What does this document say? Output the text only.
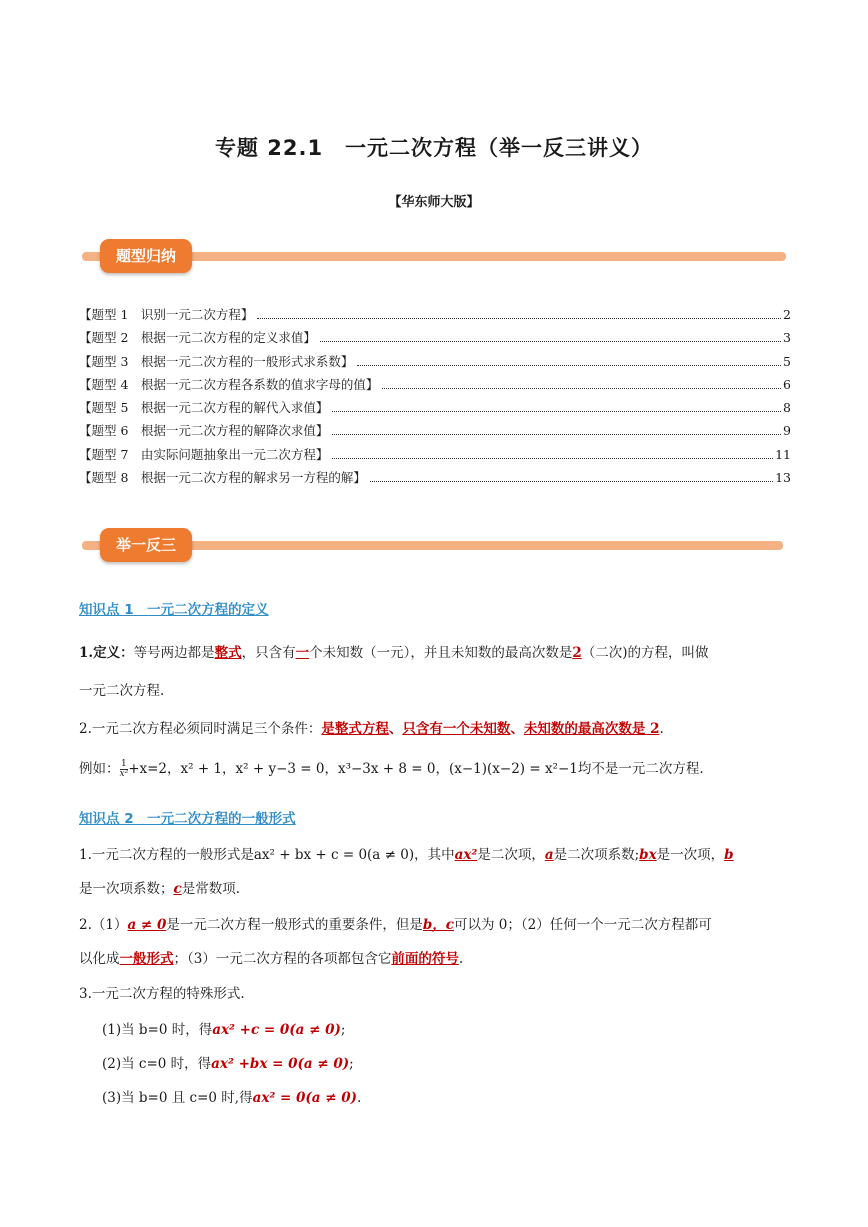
专题 22.1　一元二次方程（举一反三讲义）
【华东师大版】
题型归纳
【题型 1　识别一元二次方程】	2
【题型 2　根据一元二次方程的定义求值】	3
【题型 3　根据一元二次方程的一般形式求系数】	5
【题型 4　根据一元二次方程各系数的值求字母的值】	6
【题型 5　根据一元二次方程的解代入求值】	8
【题型 6　根据一元二次方程的解降次求值】	9
【题型 7　由实际问题抽象出一元二次方程】	11
【题型 8　根据一元二次方程的解求另一方程的解】	13
举一反三
知识点 1　一元二次方程的定义
1.定义：等号两边都是整式，只含有一个未知数（一元），并且未知数的最高次数是2（二次)的方程，叫做
一元二次方程.
2.一元二次方程必须同时满足三个条件：是整式方程、只含有一个未知数、未知数的最高次数是 2.
例如： $\frac{1}{\text{x²}} +x=2$，x² + 1，x² + y−3 = 0，x³−3x + 8 = 0，(x−1)(x−2) = x²−1均不是一元二次方程.
知识点 2　一元二次方程的一般形式
1.一元二次方程的一般形式是ax² + bx + c = 0(a ≠ 0)，其中ax²是二次项，a是二次项系数;bx是一次项，b
是一次项系数；c是常数项.
2.（1）a ≠ 0是一元二次方程一般形式的重要条件，但是b，c可以为 0；（2）任何一个一元二次方程都可
以化成一般形式；（3）一元二次方程的各项都包含它前面的符号.
3.一元二次方程的特殊形式.
(1)当 b=0 时，得ax² +c = 0(a ≠ 0);
(2)当 c=0 时，得ax² +bx = 0(a ≠ 0);
(3)当 b=0 且 c=0 时,得ax² = 0(a ≠ 0).
